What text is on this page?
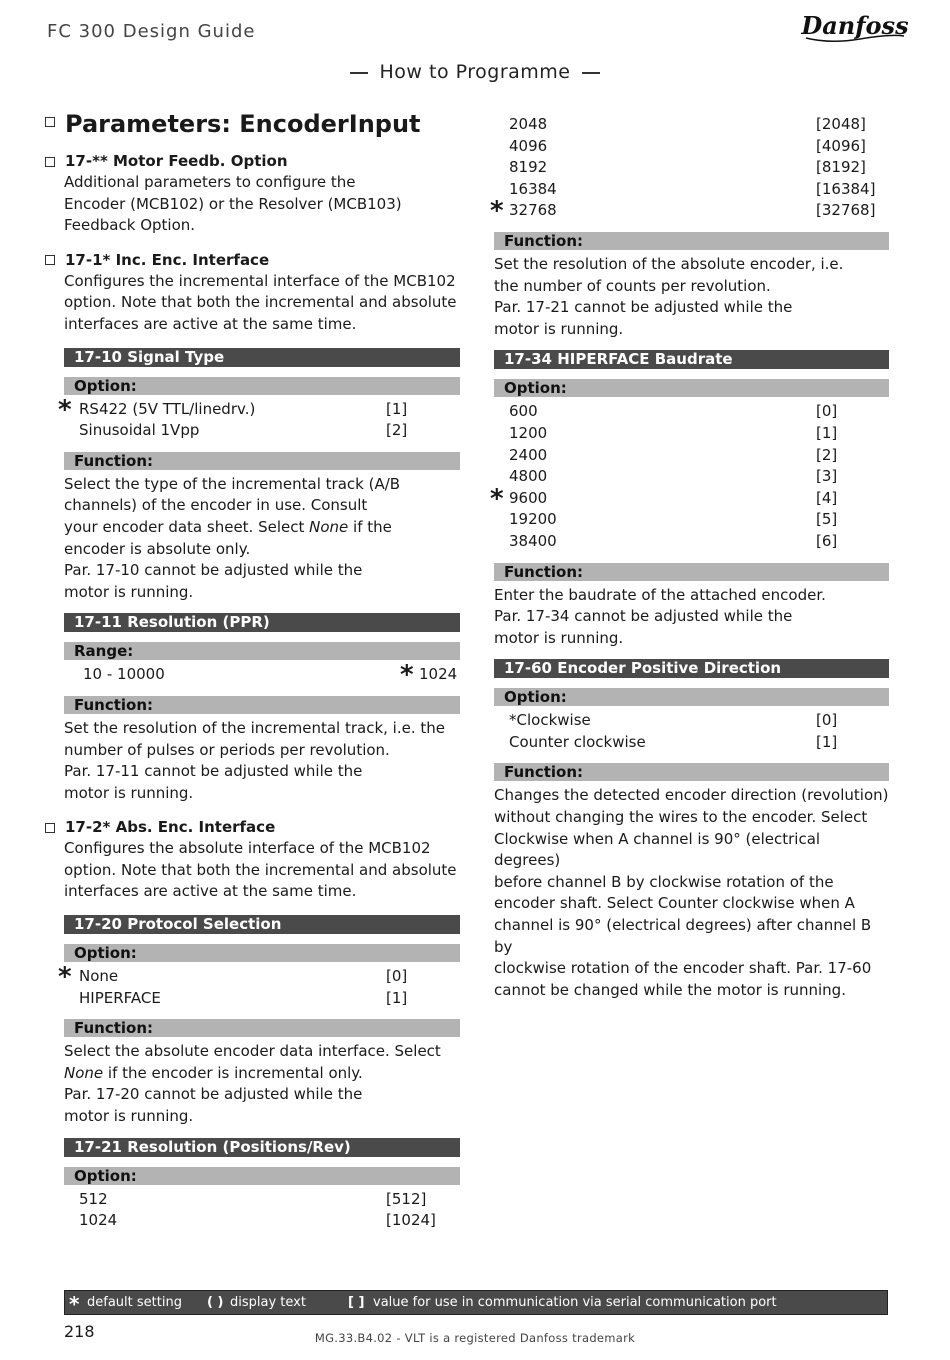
FC 300 Design Guide	Danfoss
How to Programme
Parameters: EncoderInput
17-** Motor Feedb. Option
Additional parameters to configure the
Encoder (MCB102) or the Resolver (MCB103)
Feedback Option.
17-1* Inc. Enc. Interface
Configures the incremental interface of the MCB102
option. Note that both the incremental and absolute
interfaces are active at the same time.
17-10 Signal Type
Option:
* RS422 (5V TTL/linedrv.)	[1]
Sinusoidal 1Vpp	[2]
Function:
Select the type of the incremental track (A/B
channels) of the encoder in use. Consult
your encoder data sheet. Select None if the
encoder is absolute only.
Par. 17-10 cannot be adjusted while the
motor is running.
17-11 Resolution (PPR)
Range:
10 - 10000	* 1024
Function:
Set the resolution of the incremental track, i.e. the
number of pulses or periods per revolution.
Par. 17-11 cannot be adjusted while the
motor is running.
17-2* Abs. Enc. Interface
Configures the absolute interface of the MCB102
option. Note that both the incremental and absolute
interfaces are active at the same time.
17-20 Protocol Selection
Option:
* None	[0]
HIPERFACE	[1]
Function:
Select the absolute encoder data interface. Select
None if the encoder is incremental only.
Par. 17-20 cannot be adjusted while the
motor is running.
17-21 Resolution (Positions/Rev)
Option:
512	[512]
1024	[1024]
2048	[2048]
4096	[4096]
8192	[8192]
16384	[16384]
* 32768	[32768]
Function:
Set the resolution of the absolute encoder, i.e.
the number of counts per revolution.
Par. 17-21 cannot be adjusted while the
motor is running.
17-34 HIPERFACE Baudrate
Option:
600	[0]
1200	[1]
2400	[2]
4800	[3]
* 9600	[4]
19200	[5]
38400	[6]
Function:
Enter the baudrate of the attached encoder.
Par. 17-34 cannot be adjusted while the
motor is running.
17-60 Encoder Positive Direction
Option:
*Clockwise	[0]
Counter clockwise	[1]
Function:
Changes the detected encoder direction (revolution)
without changing the wires to the encoder. Select
Clockwise when A channel is 90° (electrical degrees)
before channel B by clockwise rotation of the
encoder shaft. Select Counter clockwise when A
channel is 90° (electrical degrees) after channel B by
clockwise rotation of the encoder shaft. Par. 17-60
cannot be changed while the motor is running.
* default setting ( ) display text	[ ] value for use in communication via serial communication port
218	MG.33.B4.02 - VLT is a registered Danfoss trademark
